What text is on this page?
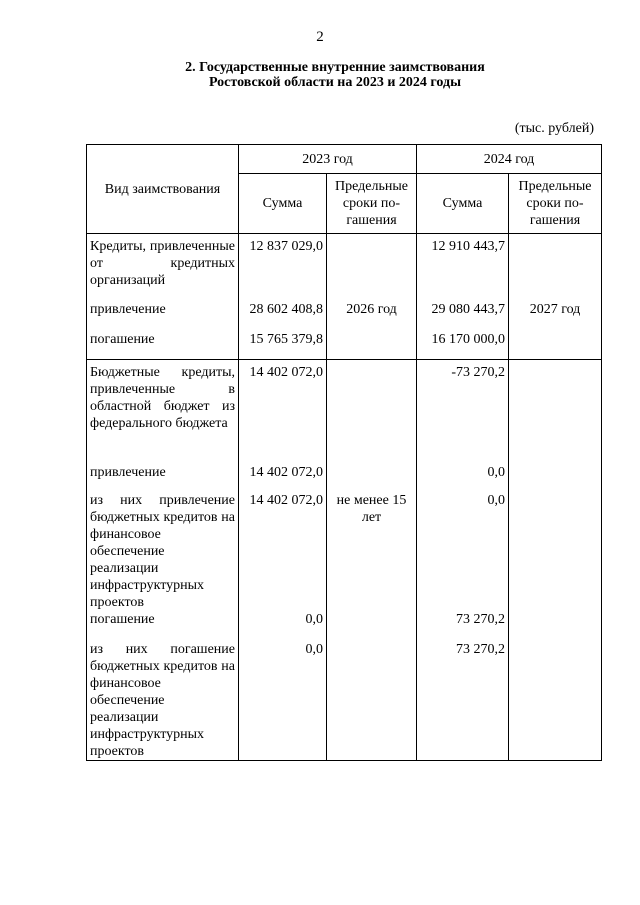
2
2. Государственные внутренние заимствования
Ростовской области на 2023 и 2024 годы
(тыс. рублей)
Вид заимствования	2023 год		2024 год	
	Сумма	Предельные сроки по-гашения	Сумма	Предельные сроки по-гашения
Кредиты, привлеченные от кредитных организаций	12 837 029,0		12 910 443,7	
привлечение	28 602 408,8	2026 год	29 080 443,7	2027 год
погашение	15 765 379,8		16 170 000,0	
Бюджетные кредиты, привлеченные в областной бюджет из федерального бюджета	14 402 072,0		-73 270,2	
привлечение	14 402 072,0		0,0	
из них привлечение бюджетных кредитов на финансовое обеспечение реализации инфраструктурных проектов	14 402 072,0	не менее 15 лет	0,0	
погашение	0,0		73 270,2	
из них погашение бюджетных кредитов на финансовое обеспечение реализации инфраструктурных проектов	0,0		73 270,2	
